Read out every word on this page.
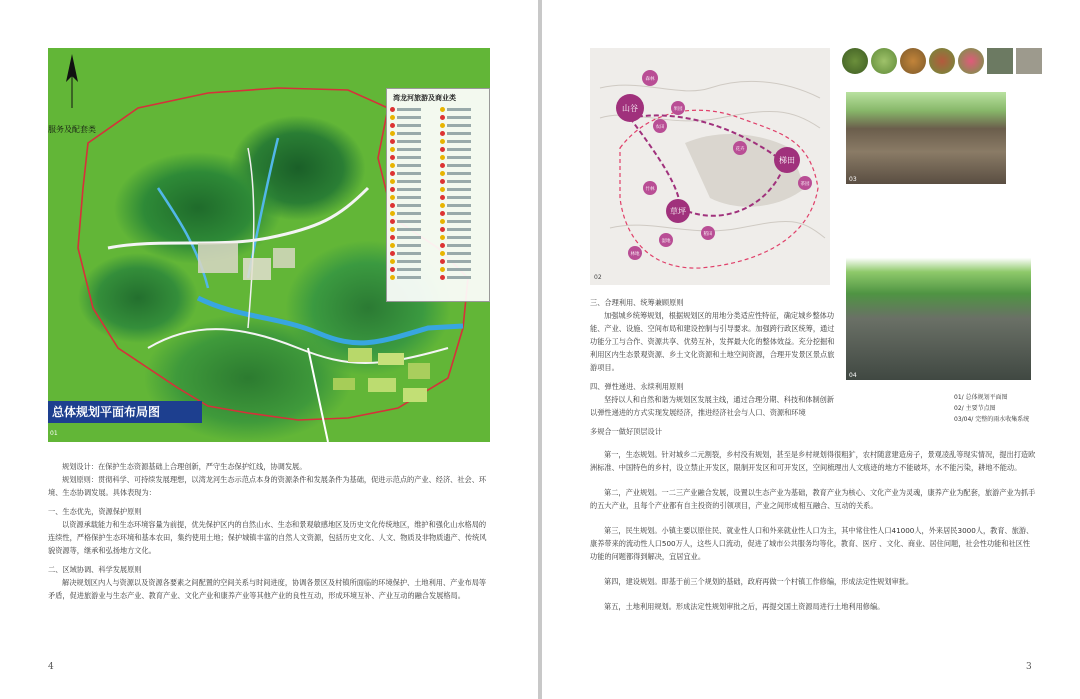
服务及配套类
湾龙河旅游及商业类
总体规划平面布局图
01

规划设计：在保护生态资源基础上合理创新，严守生态保护红线，协调发展。

规划原则：贯彻科学、可持续发展理想，以湾龙河生态示范点本身的资源条件和发展条件为基础，促进示范点的产业、经济、社会、环境、生态协调发展。具体表现为：

一、生态优先，资源保护原则

以资源承载能力和生态环境容量为前提，优先保护区内的自然山水、生态和景观敏感地区及历史文化传统地区，维护和强化山水格局的连续性，严格保护生态环境和基本农田，集约使用土地；保护城镇丰富的自然人文资源，包括历史文化、人文、物质及非物质遗产、传统风貌资源等，继承和弘扬地方文化。

二、区域协调、科学发展原则

解决规划区内人与资源以及资源各要素之间配置的空间关系与时间进度，协调各景区及村镇所面临的环境保护、土地利用、产业布局等矛盾，促进旅游业与生态产业、教育产业、文化产业和康养产业等其他产业的良性互动，形成环境互补、产业互动的融合发展格局。

4
山谷
梯田
草坪
森林
农田
果园
花卉
茶园
竹林
稻田
湿地
林地
02
03
04
01/ 总体规划平面图
02/ 主要节点图
03/04/ 完整的雨水收集系统

三、合理利用、统筹兼顾原则

加强城乡统筹规划，根据规划区的用地分类适应性特征，确定城乡整体功能、产业、设施、空间布局和建设控制与引导要求。加强跨行政区统筹，通过功能分工与合作、资源共享、优势互补，发挥最大化的整体效益。充分挖掘和利用区内生态景观资源、乡土文化资源和土地空间资源，合理开发景区景点旅游项目。

四、弹性递进、永续利用原则

坚持以人和自然和谐为规划区发展主线，通过合理分期、科技和体制创新以弹性递进的方式实现发展经济，推进经济社会与人口、资源和环境

多规合一做好顶层设计

第一，生态规划。针对城乡二元割裂，乡村没有规划，甚至是乡村规划得很粗犷，农村随意建造房子，景观凌乱等现实情况，提出打造欧洲标准、中国特色的乡村，设立禁止开发区，限制开发区和可开发区，空间梳理出人文痕迹的地方不能破坏，水不能污染，耕地不能动。

第二，产业规划。一二三产业融合发展，设置以生态产业为基础，教育产业为核心、文化产业为灵魂，康养产业为配套，旅游产业为抓手的五大产业，且每个产业都有自主投资的引领项目，产业之间形成相互融合、互动的关系。

第三，民生规划。小镇主要以原住民、就业性人口和外来就业性人口为主，其中常住性人口41000人，外来居民3000人，教育、旅游、康养带来的流动性人口500万人，这些人口流动，促进了城市公共服务均等化，教育、医疗 、文化、商业、居住问题，社会性功能和社区性功能的问题都得到解决，宜居宜业。

第四，建设规划。即基于前三个规划的基础，政府再做一个村镇工作修编，形成法定性规划审批。

第五，土地利用规划。形成法定性规划审批之后，再提交国土资源局进行土地利用修编。

3
